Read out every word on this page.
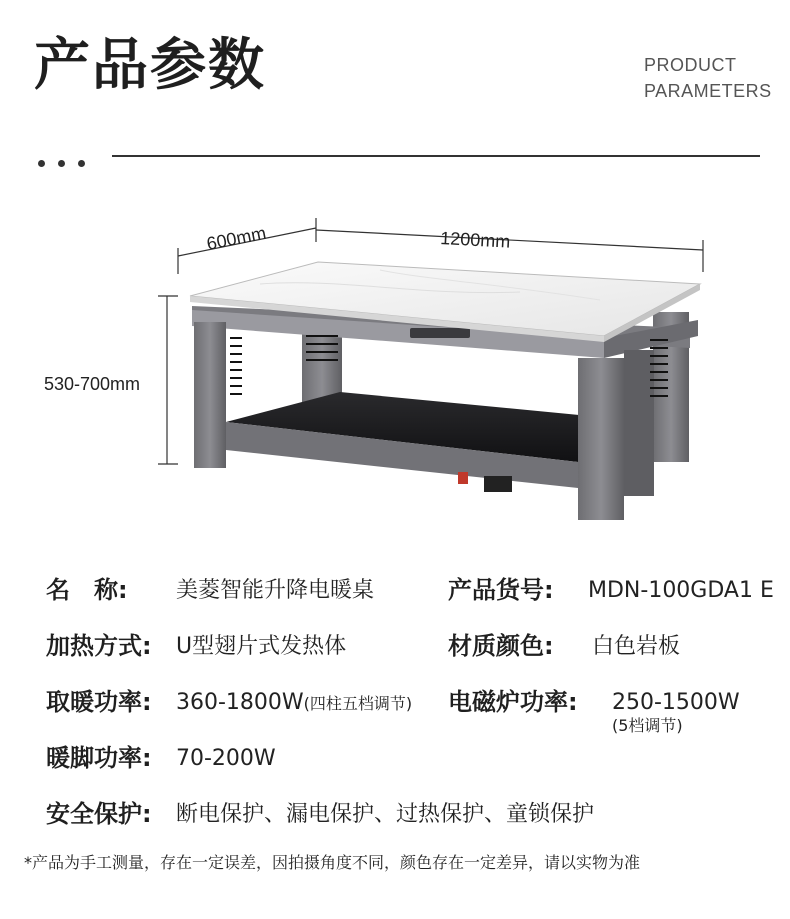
产品参数	PRODUCT
PARAMETERS
600mm	1200mm
530-700mm
名　称: 美菱智能升降电暖桌	产品货号: MDN-100GDA1 E
加热方式: U型翅片式发热体	材质颜色: 白色岩板
取暖功率: 360-1800W(四柱五档调节) 电磁炉功率: 250-1500W
(5档调节)
暖脚功率: 70-200W
安全保护: 断电保护、漏电保护、过热保护、童锁保护
*产品为手工测量，存在一定误差，因拍摄角度不同，颜色存在一定差异，请以实物为准
